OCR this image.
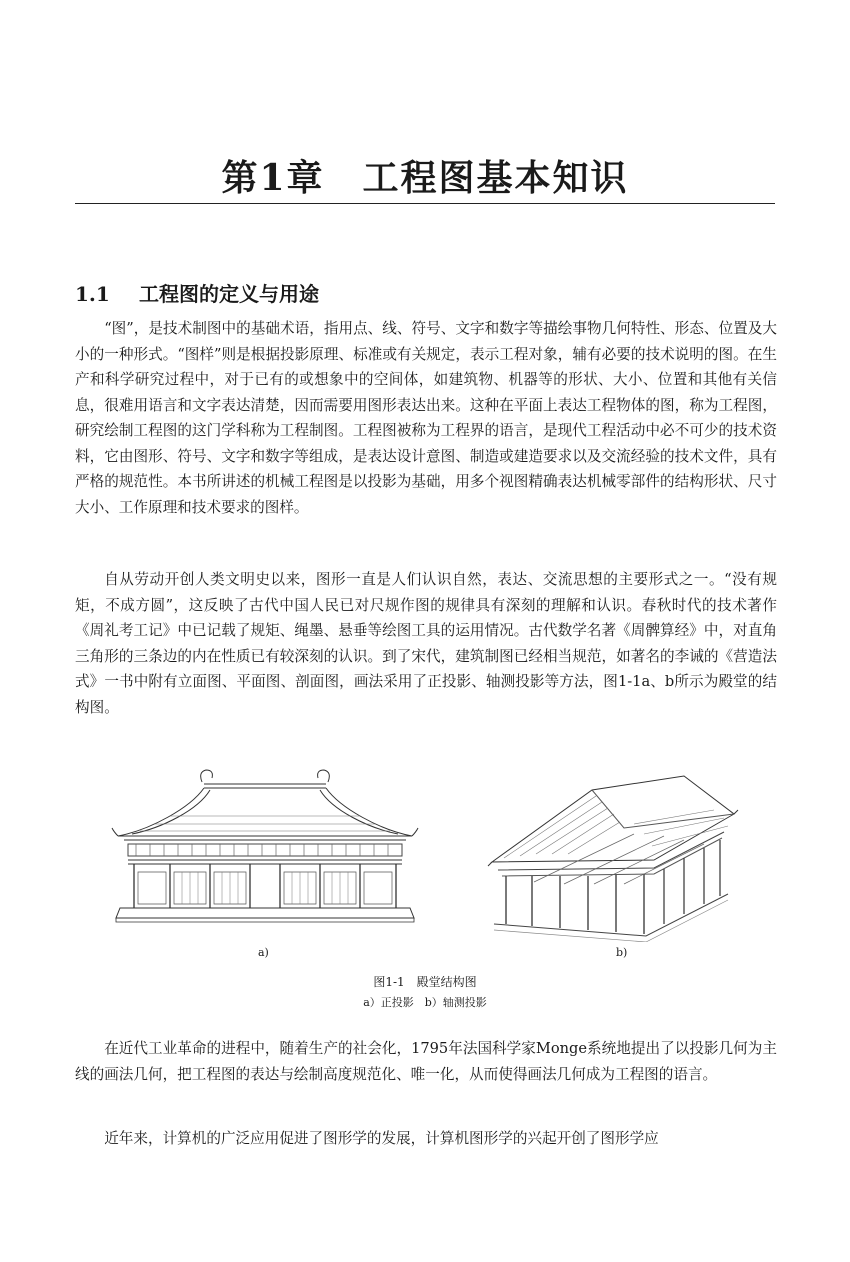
第1章　工程图基本知识
1.1 工程图的定义与用途

“图”，是技术制图中的基础术语，指用点、线、符号、文字和数字等描绘事物几何特性、形态、位置及大小的一种形式。“图样”则是根据投影原理、标准或有关规定，表示工程对象，辅有必要的技术说明的图。在生产和科学研究过程中，对于已有的或想象中的空间体，如建筑物、机器等的形状、大小、位置和其他有关信息，很难用语言和文字表达清楚，因而需要用图形表达出来。这种在平面上表达工程物体的图，称为工程图，研究绘制工程图的这门学科称为工程制图。工程图被称为工程界的语言，是现代工程活动中必不可少的技术资料，它由图形、符号、文字和数字等组成，是表达设计意图、制造或建造要求以及交流经验的技术文件，具有严格的规范性。本书所讲述的机械工程图是以投影为基础，用多个视图精确表达机械零部件的结构形状、尺寸大小、工作原理和技术要求的图样。

自从劳动开创人类文明史以来，图形一直是人们认识自然，表达、交流思想的主要形式之一。“没有规矩，不成方圆”，这反映了古代中国人民已对尺规作图的规律具有深刻的理解和认识。春秋时代的技术著作《周礼考工记》中已记载了规矩、绳墨、悬垂等绘图工具的运用情况。古代数学名著《周髀算经》中，对直角三角形的三条边的内在性质已有较深刻的认识。到了宋代，建筑制图已经相当规范，如著名的李诫的《营造法式》一书中附有立面图、平面图、剖面图，画法采用了正投影、轴测投影等方法，图1-1a、b所示为殿堂的结构图。

a)	b)
图1-1　殿堂结构图
a）正投影　b）轴测投影

在近代工业革命的进程中，随着生产的社会化，1795年法国科学家Monge系统地提出了以投影几何为主线的画法几何，把工程图的表达与绘制高度规范化、唯一化，从而使得画法几何成为工程图的语言。

近年来，计算机的广泛应用促进了图形学的发展，计算机图形学的兴起开创了图形学应
